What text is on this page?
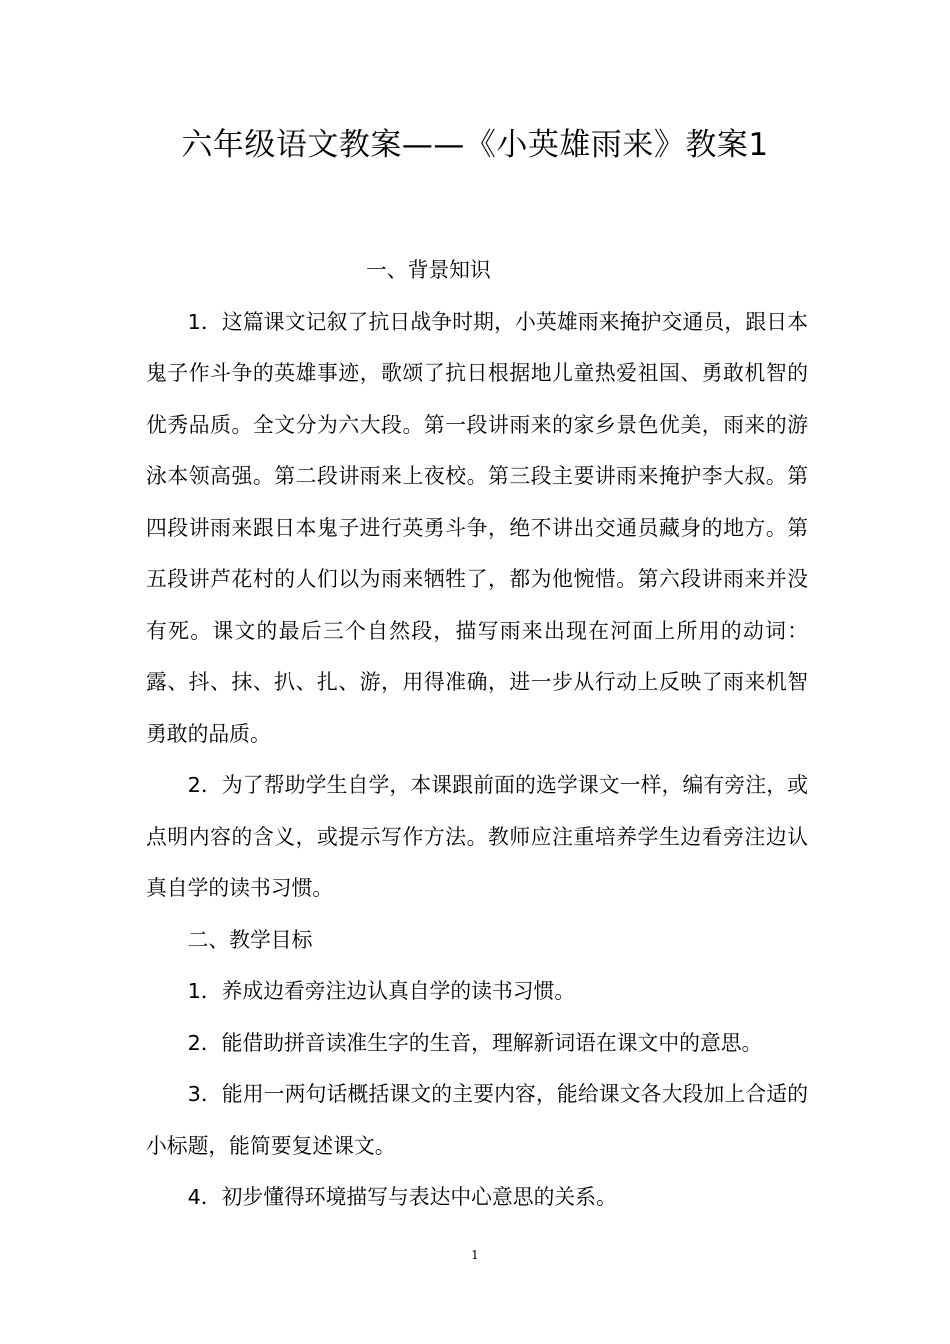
六年级语文教案——《小英雄雨来》教案1

一、背景知识

1．这篇课文记叙了抗日战争时期，小英雄雨来掩护交通员，跟日本鬼子作斗争的英雄事迹，歌颂了抗日根据地儿童热爱祖国、勇敢机智的优秀品质。全文分为六大段。第一段讲雨来的家乡景色优美，雨来的游泳本领高强。第二段讲雨来上夜校。第三段主要讲雨来掩护李大叔。第四段讲雨来跟日本鬼子进行英勇斗争，绝不讲出交通员藏身的地方。第五段讲芦花村的人们以为雨来牺牲了，都为他惋惜。第六段讲雨来并没有死。课文的最后三个自然段，描写雨来出现在河面上所用的动词：露、抖、抹、扒、扎、游，用得准确，进一步从行动上反映了雨来机智勇敢的品质。

2．为了帮助学生自学，本课跟前面的选学课文一样，编有旁注，或点明内容的含义，或提示写作方法。教师应注重培养学生边看旁注边认真自学的读书习惯。

二、教学目标

1．养成边看旁注边认真自学的读书习惯。

2．能借助拼音读准生字的生音，理解新词语在课文中的意思。

3．能用一两句话概括课文的主要内容，能给课文各大段加上合适的小标题，能简要复述课文。

4．初步懂得环境描写与表达中心意思的关系。

1
